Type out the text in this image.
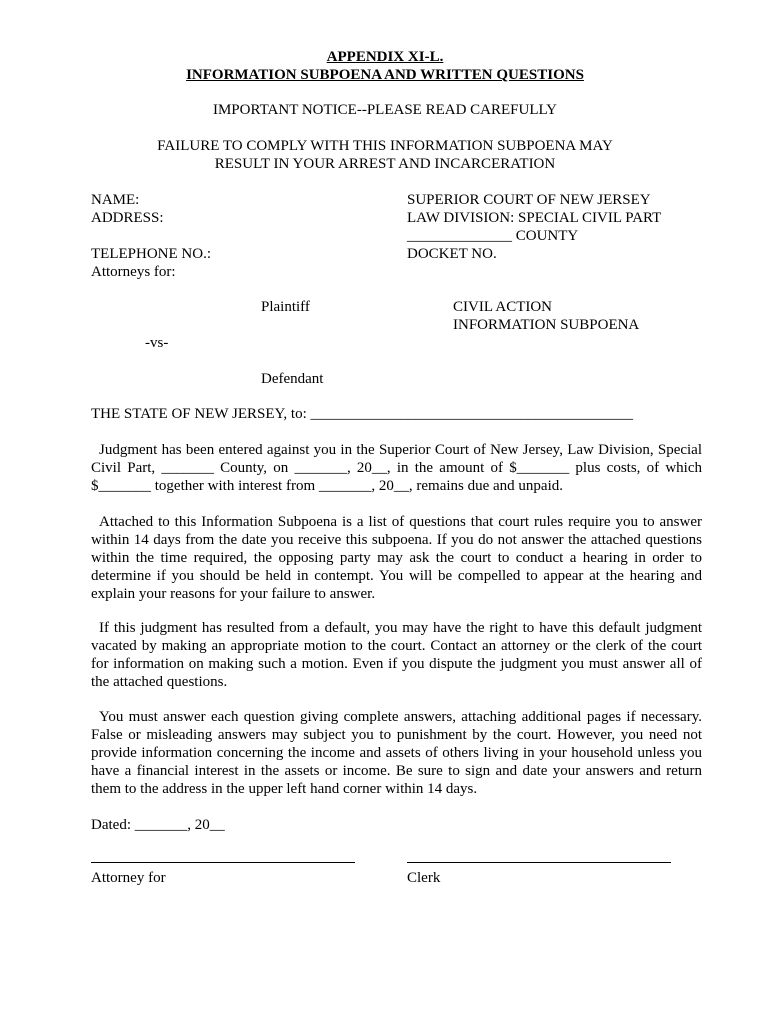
APPENDIX XI-L.
INFORMATION SUBPOENA AND WRITTEN QUESTIONS
IMPORTANT NOTICE--PLEASE READ CAREFULLY
FAILURE TO COMPLY WITH THIS INFORMATION SUBPOENA MAY
RESULT IN YOUR ARREST AND INCARCERATION
NAME:
ADDRESS:
TELEPHONE NO.:
Attorneys for:
SUPERIOR COURT OF NEW JERSEY
LAW DIVISION: SPECIAL CIVIL PART
______________ COUNTY
DOCKET NO.
Plaintiff	CIVIL ACTION
INFORMATION SUBPOENA
-vs-
Defendant
THE STATE OF NEW JERSEY, to: ___________________________________________

Judgment has been entered against you in the Superior Court of New Jersey, Law Division, Special Civil Part, _______ County, on _______, 20__, in the amount of $_______ plus costs, of which $_______ together with interest from _______, 20__, remains due and unpaid.

Attached to this Information Subpoena is a list of questions that court rules require you to answer within 14 days from the date you receive this subpoena. If you do not answer the attached questions within the time required, the opposing party may ask the court to conduct a hearing in order to determine if you should be held in contempt. You will be compelled to appear at the hearing and explain your reasons for your failure to answer.

If this judgment has resulted from a default, you may have the right to have this default judgment vacated by making an appropriate motion to the court. Contact an attorney or the clerk of the court for information on making such a motion. Even if you dispute the judgment you must answer all of the attached questions.

You must answer each question giving complete answers, attaching additional pages if necessary. False or misleading answers may subject you to punishment by the court. However, you need not provide information concerning the income and assets of others living in your household unless you have a financial interest in the assets or income. Be sure to sign and date your answers and return them to the address in the upper left hand corner within 14 days.

Dated: _______, 20__
Attorney for	Clerk
